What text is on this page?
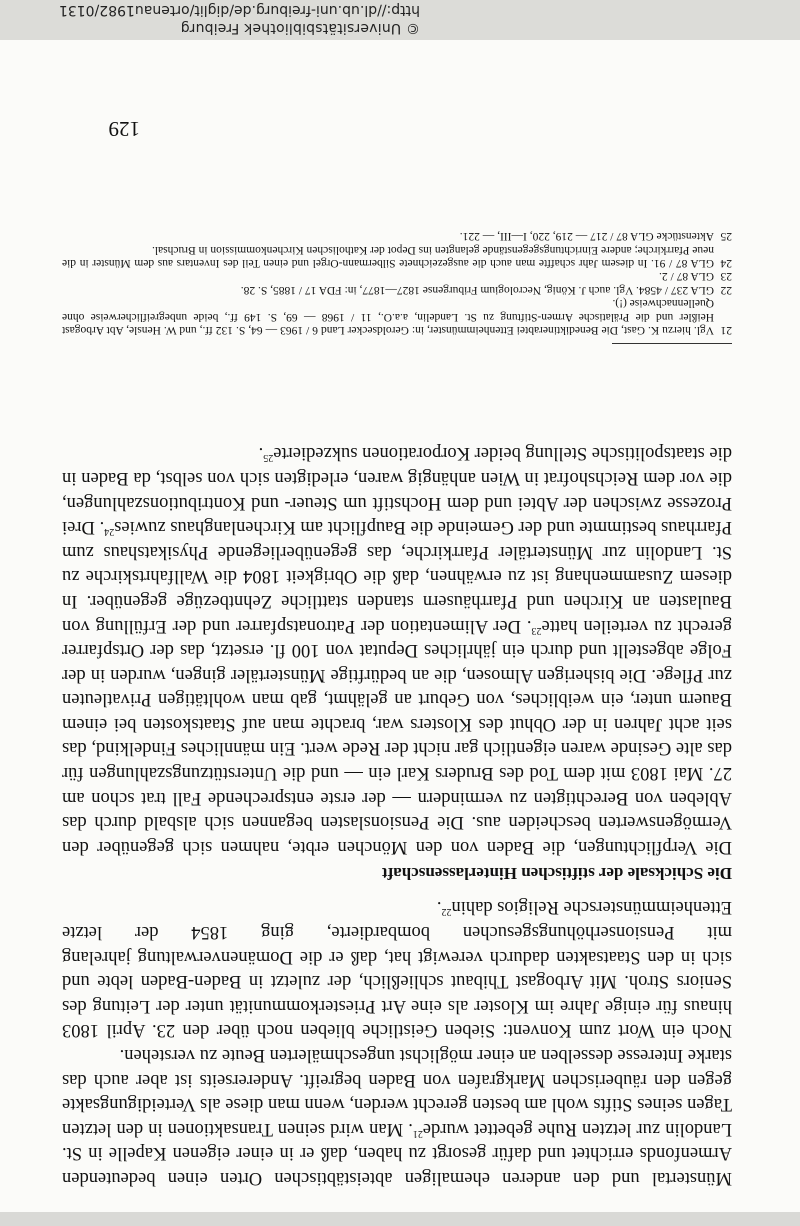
Münstertal und den anderen ehemaligen abteistäbtischen Orten einen bedeutenden Armenfonds errichtet und dafür gesorgt zu haben, daß er in einer eigenen Kapelle in St. Landolin zur letzten Ruhe gebettet wurde$^{21}$. Man wird seinen Transaktionen in den letzten Tagen seines Stifts wohl am besten gerecht werden, wenn man diese als Verteidigungsakte gegen den räuberischen Markgrafen von Baden begreift. Andererseits ist aber auch das starke Interesse desselben an einer möglichst ungeschmälerten Beute zu verstehen.

Noch ein Wort zum Konvent: Sieben Geistliche blieben noch über den 23. April 1803 hinaus für einige Jahre im Kloster als eine Art Priesterkommunität unter der Leitung des Seniors Stroh. Mit Arbogast Thibaut schließlich, der zuletzt in Baden-Baden lebte und sich in den Staatsakten dadurch verewigt hat, daß er die Domänenverwaltung jahrelang mit Pensionserhöhungsgesuchen bombardierte, ging 1854 der letzte Ettenheimmünstersche Religios dahin$^{22}$.

Die Schicksale der stiftischen Hinterlassenschaft

Die Verpflichtungen, die Baden von den Mönchen erbte, nahmen sich gegenüber den Vermögenswerten bescheiden aus. Die Pensionslasten begannen sich alsbald durch das Ableben von Berechtigten zu vermindern — der erste entsprechende Fall trat schon am 27. Mai 1803 mit dem Tod des Bruders Karl ein — und die Unterstützungszahlungen für das alte Gesinde waren eigentlich gar nicht der Rede wert. Ein männliches Findelkind, das seit acht Jahren in der Obhut des Klosters war, brachte man auf Staatskosten bei einem Bauern unter, ein weibliches, von Geburt an gelähmt, gab man wohltätigen Privatleuten zur Pflege. Die bisherigen Almosen, die an bedürftige Münstertäler gingen, wurden in der Folge abgestellt und durch ein jährliches Deputat von 100 fl. ersetzt, das der Ortspfarrer gerecht zu verteilen hatte$^{23}$. Der Alimentation der Patronatspfarrer und der Erfüllung von Baulasten an Kirchen und Pfarrhäusern standen stattliche Zehntbezüge gegenüber. In diesem Zusammenhang ist zu erwähnen, daß die Obrigkeit 1804 die Wallfahrtskirche zu St. Landolin zur Münstertäler Pfarrkirche, das gegenüberliegende Physikatshaus zum Pfarrhaus bestimmte und der Gemeinde die Baupflicht am Kirchenlanghaus zuwies$^{24}$. Drei Prozesse zwischen der Abtei und dem Hochstift um Steuer- und Kontributionszahlungen, die vor dem Reichshofrat in Wien anhängig waren, erledigten sich von selbst, da Baden in die staatspolitische Stellung beider Korporationen sukzedierte$^{25}$.

21

Vgl. hierzu K. Gast, Die Benediktinerabtei Ettenheimmünster, in: Geroldsecker Land 6 / 1963 — 64, S. 132 ff., und W. Hensle, Abt Arbogast Heißler und die Prälatische Armen-Stiftung zu St. Landelin, a.a.O., 11 / 1968 — 69, S. 149 ff., beide unbegreiflicherweise ohne Quellennachweise (!).

22

GLA 237 / 4584. Vgl. auch J. König, Necrologium Friburgense 1827—1877, in: FDA 17 / 1885, S. 28.

23

GLA 87 / 2.

24

GLA 87 / 91. In diesem Jahr schaffte man auch die ausgezeichnete Silbermann-Orgel und einen Teil des Inventars aus dem Münster in die neue Pfarrkirche; andere Einrichtungsgegenstände gelangten ins Depot der Katholischen Kirchenkommission in Bruchsal.

25

Aktenstücke GLA 87 / 217 — 219, 220, I—III, — 221.

129
© Universitätsbibliothek Freiburg
http://dl.ub.uni-freiburg.de/diglit/ortenau1982/0131
